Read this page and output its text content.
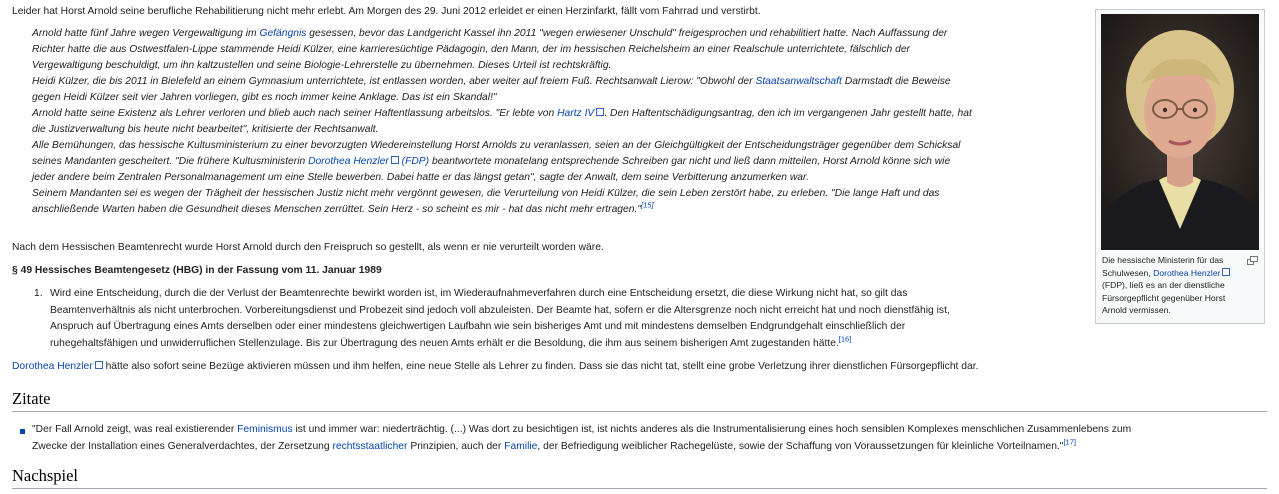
Leider hat Horst Arnold seine berufliche Rehabilitierung nicht mehr erlebt. Am Morgen des 29. Juni 2012 erleidet er einen Herzinfarkt, fällt vom Fahrrad und verstirbt.
Arnold hatte fünf Jahre wegen Vergewaltigung im Gefängnis gesessen, bevor das Landgericht Kassel ihn 2011 "wegen erwiesener Unschuld" freigesprochen und rehabilitiert hatte. Nach Auffassung der
Richter hatte die aus Ostwestfalen-Lippe stammende Heidi Külzer, eine karrieresüchtige Pädagogin, den Mann, der im hessischen Reichelsheim an einer Realschule unterrichtete, fälschlich der
Vergewaltigung beschuldigt, um ihn kaltzustellen und seine Biologie-Lehrerstelle zu übernehmen. Dieses Urteil ist rechtskräftig.
Heidi Külzer, die bis 2011 in Bielefeld an einem Gymnasium unterrichtete, ist entlassen worden, aber weiter auf freiem Fuß. Rechtsanwalt Lierow: "Obwohl der Staatsanwaltschaft Darmstadt die Beweise
gegen Heidi Külzer seit vier Jahren vorliegen, gibt es noch immer keine Anklage. Das ist ein Skandal!"
Arnold hatte seine Existenz als Lehrer verloren und blieb auch nach seiner Haftentlassung arbeitslos. "Er lebte von Hartz IV . Den Haftentschädigungsantrag, den ich im vergangenen Jahr gestellt hatte, hat
die Justizverwaltung bis heute nicht bearbeitet", kritisierte der Rechtsanwalt.
Alle Bemühungen, das hessische Kultusministerium zu einer bevorzugten Wiedereinstellung Horst Arnolds zu veranlassen, seien an der Gleichgültigkeit der Entscheidungsträger gegenüber dem Schicksal
seines Mandanten gescheitert. "Die frühere Kultusministerin Dorothea Henzler (FDP) beantwortete monatelang entsprechende Schreiben gar nicht und ließ dann mitteilen, Horst Arnold könne sich wie
jeder andere beim Zentralen Personalmanagement um eine Stelle bewerben. Dabei hatte er das längst getan", sagte der Anwalt, dem seine Verbitterung anzumerken war.
Seinem Mandanten sei es wegen der Trägheit der hessischen Justiz nicht mehr vergönnt gewesen, die Verurteilung von Heidi Külzer, die sein Leben zerstört habe, zu erleben. "Die lange Haft und das
anschließende Warten haben die Gesundheit dieses Menschen zerrüttet. Sein Herz - so scheint es mir - hat das nicht mehr ertragen."[15]
Nach dem Hessischen Beamtenrecht wurde Horst Arnold durch den Freispruch so gestellt, als wenn er nie verurteilt worden wäre.
§ 49 Hessisches Beamtengesetz (HBG) in der Fassung vom 11. Januar 1989
1. Wird eine Entscheidung, durch die der Verlust der Beamtenrechte bewirkt worden ist, im Wiederaufnahmeverfahren durch eine Entscheidung ersetzt, die diese Wirkung nicht hat, so gilt das
Beamtenverhältnis als nicht unterbrochen. Vorbereitungsdienst und Probezeit sind jedoch voll abzuleisten. Der Beamte hat, sofern er die Altersgrenze noch nicht erreicht hat und noch dienstfähig ist,
Anspruch auf Übertragung eines Amts derselben oder einer mindestens gleichwertigen Laufbahn wie sein bisheriges Amt und mit mindestens demselben Endgrundgehalt einschließlich der
ruhegehaltsfähigen und unwiderruflichen Stellenzulage. Bis zur Übertragung des neuen Amts erhält er die Besoldung, die ihm aus seinem bisherigen Amt zugestanden hätte.[16]
Dorothea Henzler hätte also sofort seine Bezüge aktivieren müssen und ihm helfen, eine neue Stelle als Lehrer zu finden. Dass sie das nicht tat, stellt eine grobe Verletzung ihrer dienstlichen Fürsorgepflicht dar.
Zitate
"Der Fall Arnold zeigt, was real existierender Feminismus ist und immer war: niederträchtig. (...) Was dort zu besichtigen ist, ist nichts anderes als die Instrumentalisierung eines hoch sensiblen Komplexes menschlichen Zusammenlebens zum
Zwecke der Installation eines Generalverdachtes, der Zersetzung rechtsstaatlicher Prinzipien, auch der Familie, der Befriedigung weiblicher Rachegelüste, sowie der Schaffung von Voraussetzungen für kleinliche Vorteilnamen."[17]
Nachspiel
Die hessische Ministerin für das
Schulwesen, Dorothea Henzler
(FDP), ließ es an der dienstliche
Fürsorgepflicht gegenüber Horst
Arnold vermissen.
